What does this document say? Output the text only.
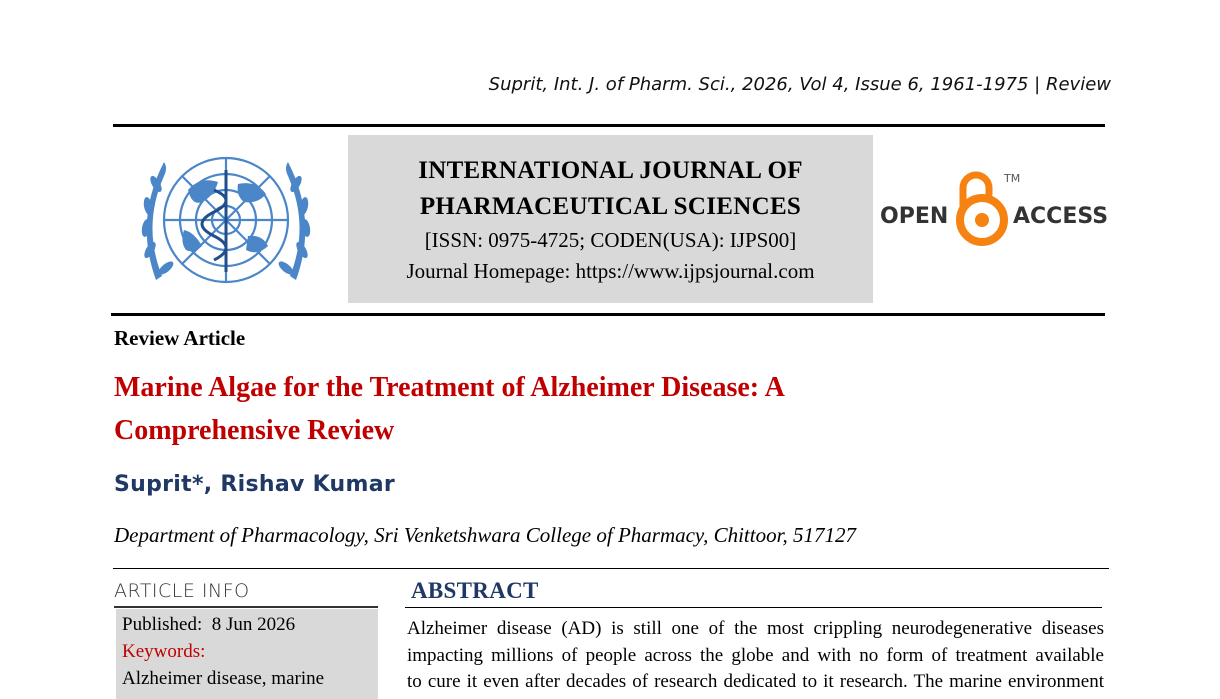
Suprit, Int. J. of Pharm. Sci., 2026, Vol 4, Issue 6, 1961-1975 | Review
INTERNATIONAL JOURNAL OF
PHARMACEUTICAL SCIENCES
[ISSN: 0975-4725; CODEN(USA): IJPS00]
Journal Homepage: https://www.ijpsjournal.com
OPEN	ACCESS
TM
Review Article
Marine Algae for the Treatment of Alzheimer Disease: A
Comprehensive Review
Suprit*, Rishav Kumar
Department of Pharmacology, Sri Venketshwara College of Pharmacy, Chittoor, 517127
ARTICLE INFO
Published: 8 Jun 2026
Keywords:
Alzheimer disease, marine
ABSTRACT
Alzheimer disease (AD) is still one of the most crippling neurodegenerative diseases
impacting millions of people across the globe and with no form of treatment available
to cure it even after decades of research dedicated to it research. The marine environment
